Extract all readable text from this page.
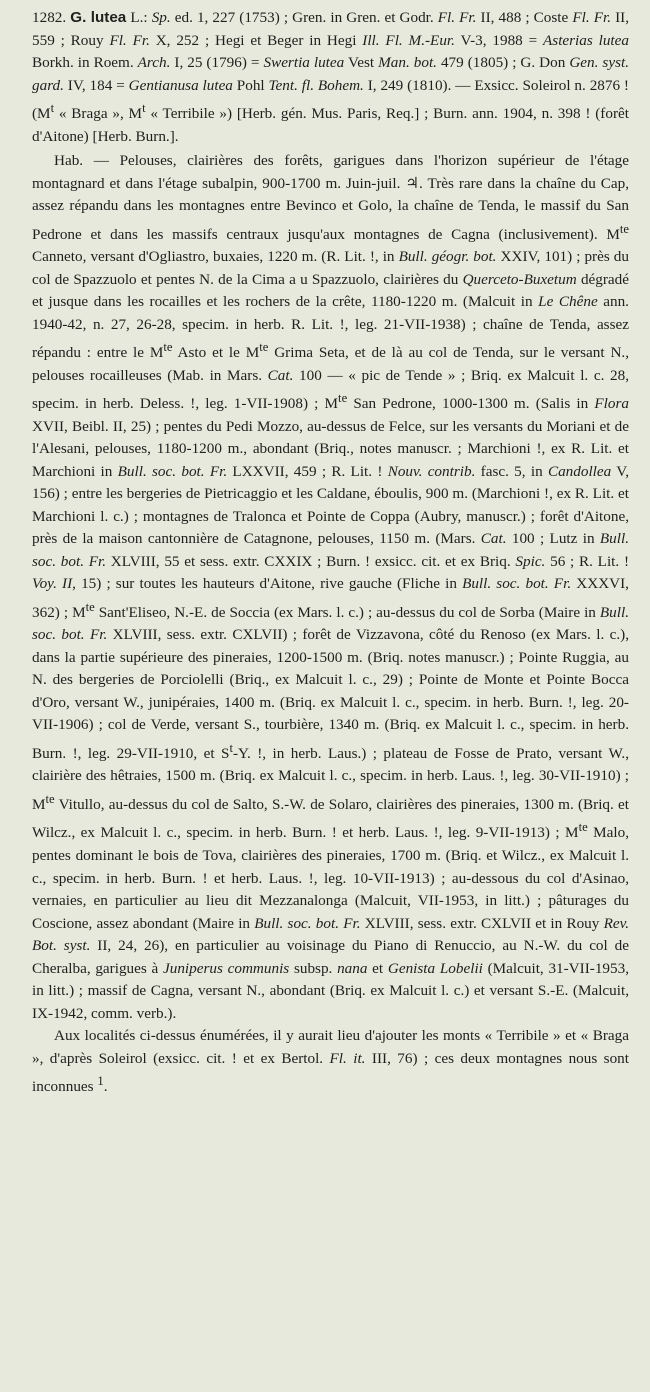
1282. G. lutea L.: Sp. ed. 1, 227 (1753) ; Gren. in Gren. et Godr. Fl. Fr. II, 488 ; Coste Fl. Fr. II, 559 ; Rouy Fl. Fr. X, 252 ; Hegi et Beger in Hegi Ill. Fl. M.-Eur. V-3, 1988 = Asterias lutea Borkh. in Roem. Arch. I, 25 (1796) = Swertia lutea Vest Man. bot. 479 (1805) ; G. Don Gen. syst. gard. IV, 184 = Gentianusa lutea Pohl Tent. fl. Bohem. I, 249 (1810). — Exsicc. Soleirol n. 2876 ! ($M^t$ « Braga », $M^t$ « Terribile ») [Herb. gén. Mus. Paris, Req.] ; Burn. ann. 1904, n. 398 ! (forêt d'Aitone) [Herb. Burn.].

Hab. — Pelouses, clairières des forêts, garigues dans l'horizon supérieur de l'étage montagnard et dans l'étage subalpin, 900-1700 m. Juin-juil. ♃. Très rare dans la chaîne du Cap, assez répandu dans les montagnes entre Bevinco et Golo, la chaîne de Tenda, le massif du San Pedrone et dans les massifs centraux jusqu'aux montagnes de Cagna (inclusivement). $M^{te}$ Canneto, versant d'Ogliastro, buxaies, 1220 m. (R. Lit. !, in Bull. géogr. bot. XXIV, 101) ; près du col de Spazzuolo et pentes N. de la Cima a u Spazzuolo, clairières du Querceto-Buxetum dégradé et jusque dans les rocailles et les rochers de la crête, 1180-1220 m. (Malcuit in Le Chêne ann. 1940-42, n. 27, 26-28, specim. in herb. R. Lit. !, leg. 21-VII-1938) ; chaîne de Tenda, assez répandu : entre le $M^{te}$ Asto et le $M^{te}$ Grima Seta, et de là au col de Tenda, sur le versant N., pelouses rocailleuses (Mab. in Mars. Cat. 100 — « pic de Tende » ; Briq. ex Malcuit l. c. 28, specim. in herb. Deless. !, leg. 1-VII-1908) ; $M^{te}$ San Pedrone, 1000-1300 m. (Salis in Flora XVII, Beibl. II, 25) ; pentes du Pedi Mozzo, au-dessus de Felce, sur les versants du Moriani et de l'Alesani, pelouses, 1180-1200 m., abondant (Briq., notes manuscr. ; Marchioni !, ex R. Lit. et Marchioni in Bull. soc. bot. Fr. LXXVII, 459 ; R. Lit. ! Nouv. contrib. fasc. 5, in Candollea V, 156) ; entre les bergeries de Pietricaggio et les Caldane, éboulis, 900 m. (Marchioni !, ex R. Lit. et Marchioni l. c.) ; montagnes de Tralonca et Pointe de Coppa (Aubry, manuscr.) ; forêt d'Aitone, près de la maison cantonnière de Catagnone, pelouses, 1150 m. (Mars. Cat. 100 ; Lutz in Bull. soc. bot. Fr. XLVIII, 55 et sess. extr. CXXIX ; Burn. ! exsicc. cit. et ex Briq. Spic. 56 ; R. Lit. ! Voy. II, 15) ; sur toutes les hauteurs d'Aitone, rive gauche (Fliche in Bull. soc. bot. Fr. XXXVI, 362) ; $M^{te}$ Sant'Eliseo, N.-E. de Soccia (ex Mars. l. c.) ; au-dessus du col de Sorba (Maire in Bull. soc. bot. Fr. XLVIII, sess. extr. CXLVII) ; forêt de Vizzavona, côté du Renoso (ex Mars. l. c.), dans la partie supérieure des pineraies, 1200-1500 m. (Briq. notes manuscr.) ; Pointe Ruggia, au N. des bergeries de Porciolelli (Briq., ex Malcuit l. c., 29) ; Pointe de Monte et Pointe Bocca d'Oro, versant W., junipéraies, 1400 m. (Briq. ex Malcuit l. c., specim. in herb. Burn. !, leg. 20-VII-1906) ; col de Verde, versant S., tourbière, 1340 m. (Briq. ex Malcuit l. c., specim. in herb. Burn. !, leg. 29-VII-1910, et $S^t-Y$. !, in herb. Laus.) ; plateau de Fosse de Prato, versant W., clairière des hêtraies, 1500 m. (Briq. ex Malcuit l. c., specim. in herb. Laus. !, leg. 30-VII-1910) ; $M^{te}$ Vitullo, au-dessus du col de Salto, S.-W. de Solaro, clairières des pineraies, 1300 m. (Briq. et Wilcz., ex Malcuit l. c., specim. in herb. Burn. ! et herb. Laus. !, leg. 9-VII-1913) ; $M^{te}$ Malo, pentes dominant le bois de Tova, clairières des pineraies, 1700 m. (Briq. et Wilcz., ex Malcuit l. c., specim. in herb. Burn. ! et herb. Laus. !, leg. 10-VII-1913) ; au-dessous du col d'Asinao, vernaies, en particulier au lieu dit Mezzanalonga (Malcuit, VII-1953, in litt.) ; pâturages du Coscione, assez abondant (Maire in Bull. soc. bot. Fr. XLVIII, sess. extr. CXLVII et in Rouy Rev. Bot. syst. II, 24, 26), en particulier au voisinage du Piano di Renuccio, au N.-W. du col de Cheralba, garigues à Juniperus communis subsp. nana et Genista Lobelii (Malcuit, 31-VII-1953, in litt.) ; massif de Cagna, versant N., abondant (Briq. ex Malcuit l. c.) et versant S.-E. (Malcuit, IX-1942, comm. verb.).

Aux localités ci-dessus énumérées, il y aurait lieu d'ajouter les monts « Terribile » et « Braga », d'après Soleirol (exsicc. cit. ! et ex Bertol. Fl. it. III, 76) ; ces deux montagnes nous sont inconnues $^1$.
